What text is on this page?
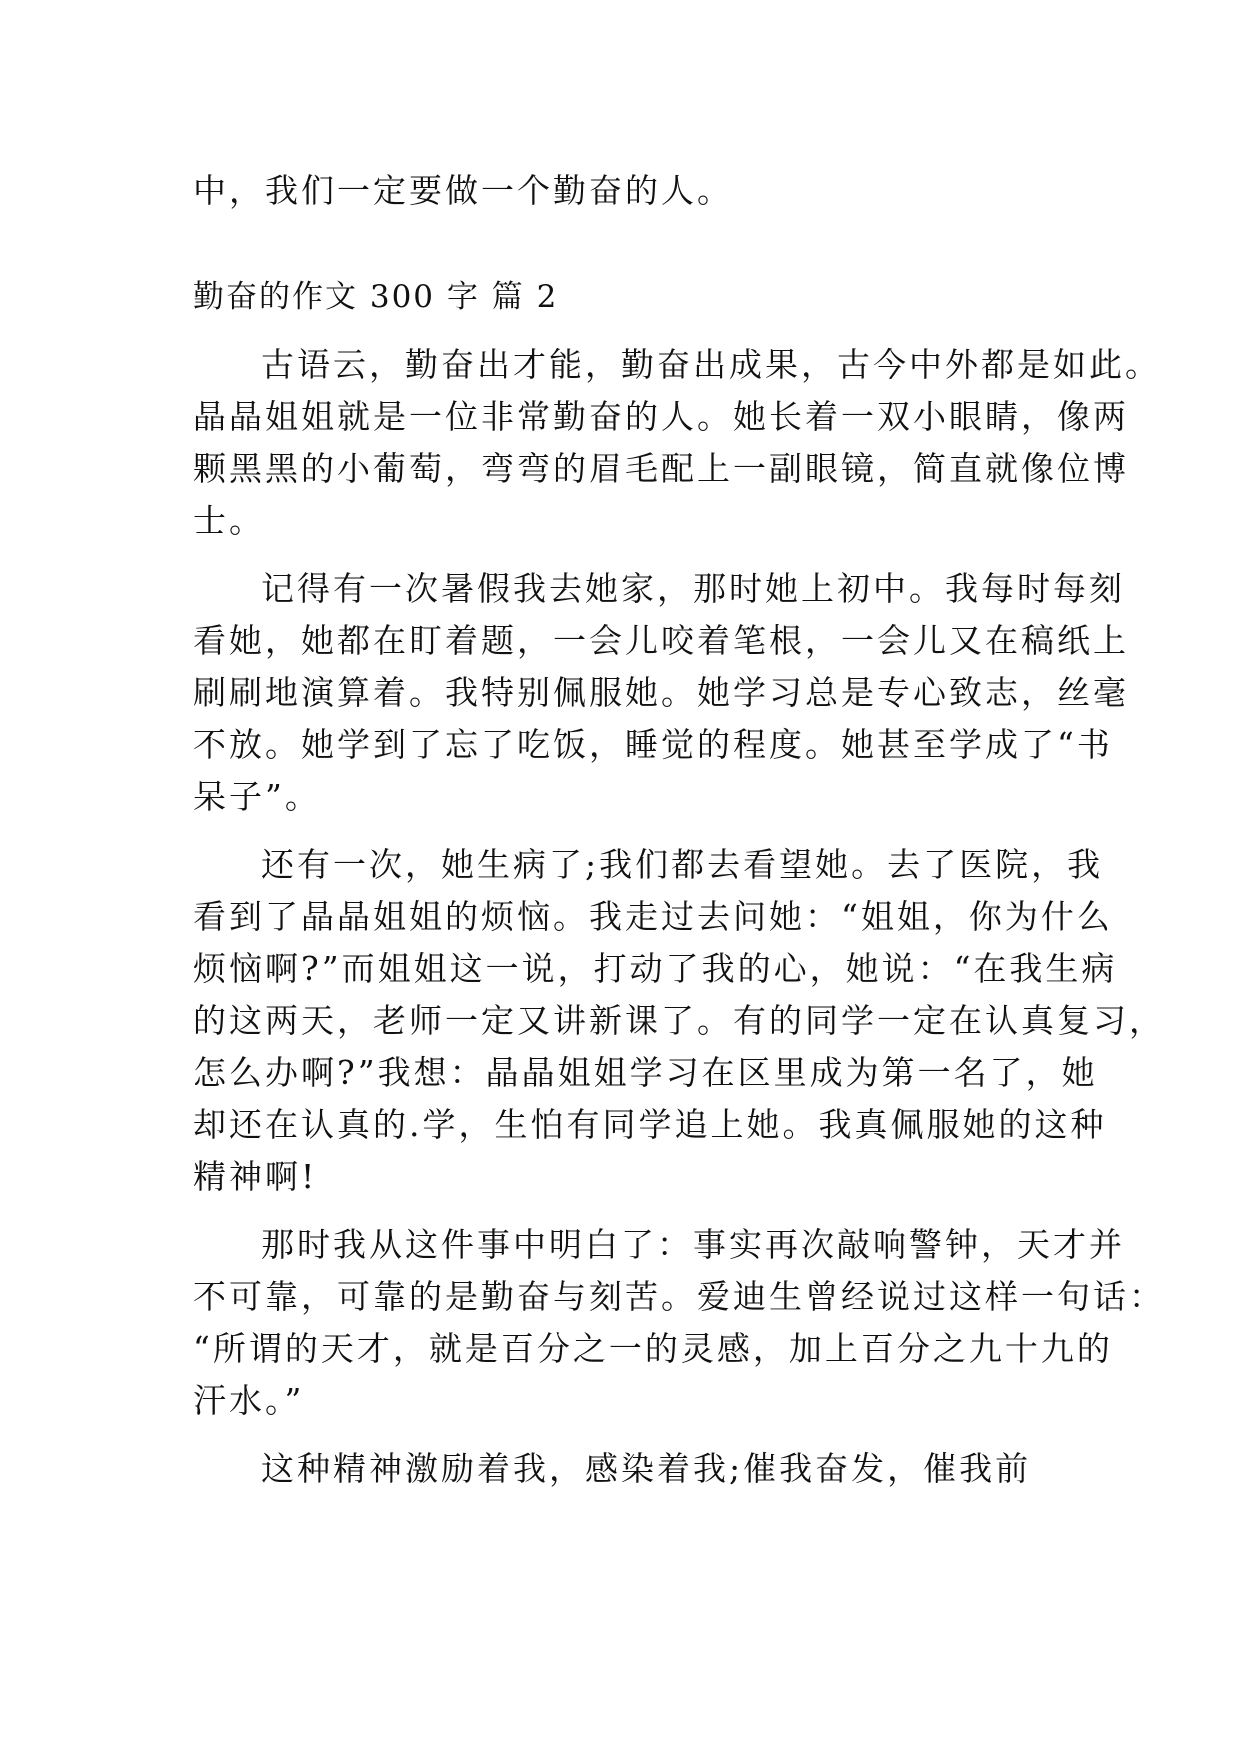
中，我们一定要做一个勤奋的人。
勤奋的作文 300 字 篇 2
古语云，勤奋出才能，勤奋出成果，古今中外都是如此。
晶晶姐姐就是一位非常勤奋的人。她长着一双小眼睛，像两
颗黑黑的小葡萄，弯弯的眉毛配上一副眼镜，简直就像位博
士。
记得有一次暑假我去她家，那时她上初中。我每时每刻
看她，她都在盯着题，一会儿咬着笔根，一会儿又在稿纸上
刷刷地演算着。我特别佩服她。她学习总是专心致志，丝毫
不放。她学到了忘了吃饭，睡觉的程度。她甚至学成了“书
呆子”。
还有一次，她生病了;我们都去看望她。去了医院，我
看到了晶晶姐姐的烦恼。我走过去问她：“姐姐，你为什么
烦恼啊?”而姐姐这一说，打动了我的心，她说：“在我生病
的这两天，老师一定又讲新课了。有的同学一定在认真复习，
怎么办啊?”我想：晶晶姐姐学习在区里成为第一名了，她
却还在认真的.学，生怕有同学追上她。我真佩服她的这种
精神啊!
那时我从这件事中明白了：事实再次敲响警钟，天才并
不可靠，可靠的是勤奋与刻苦。爱迪生曾经说过这样一句话：
“所谓的天才，就是百分之一的灵感，加上百分之九十九的
汗水。”
这种精神激励着我，感染着我;催我奋发，催我前
